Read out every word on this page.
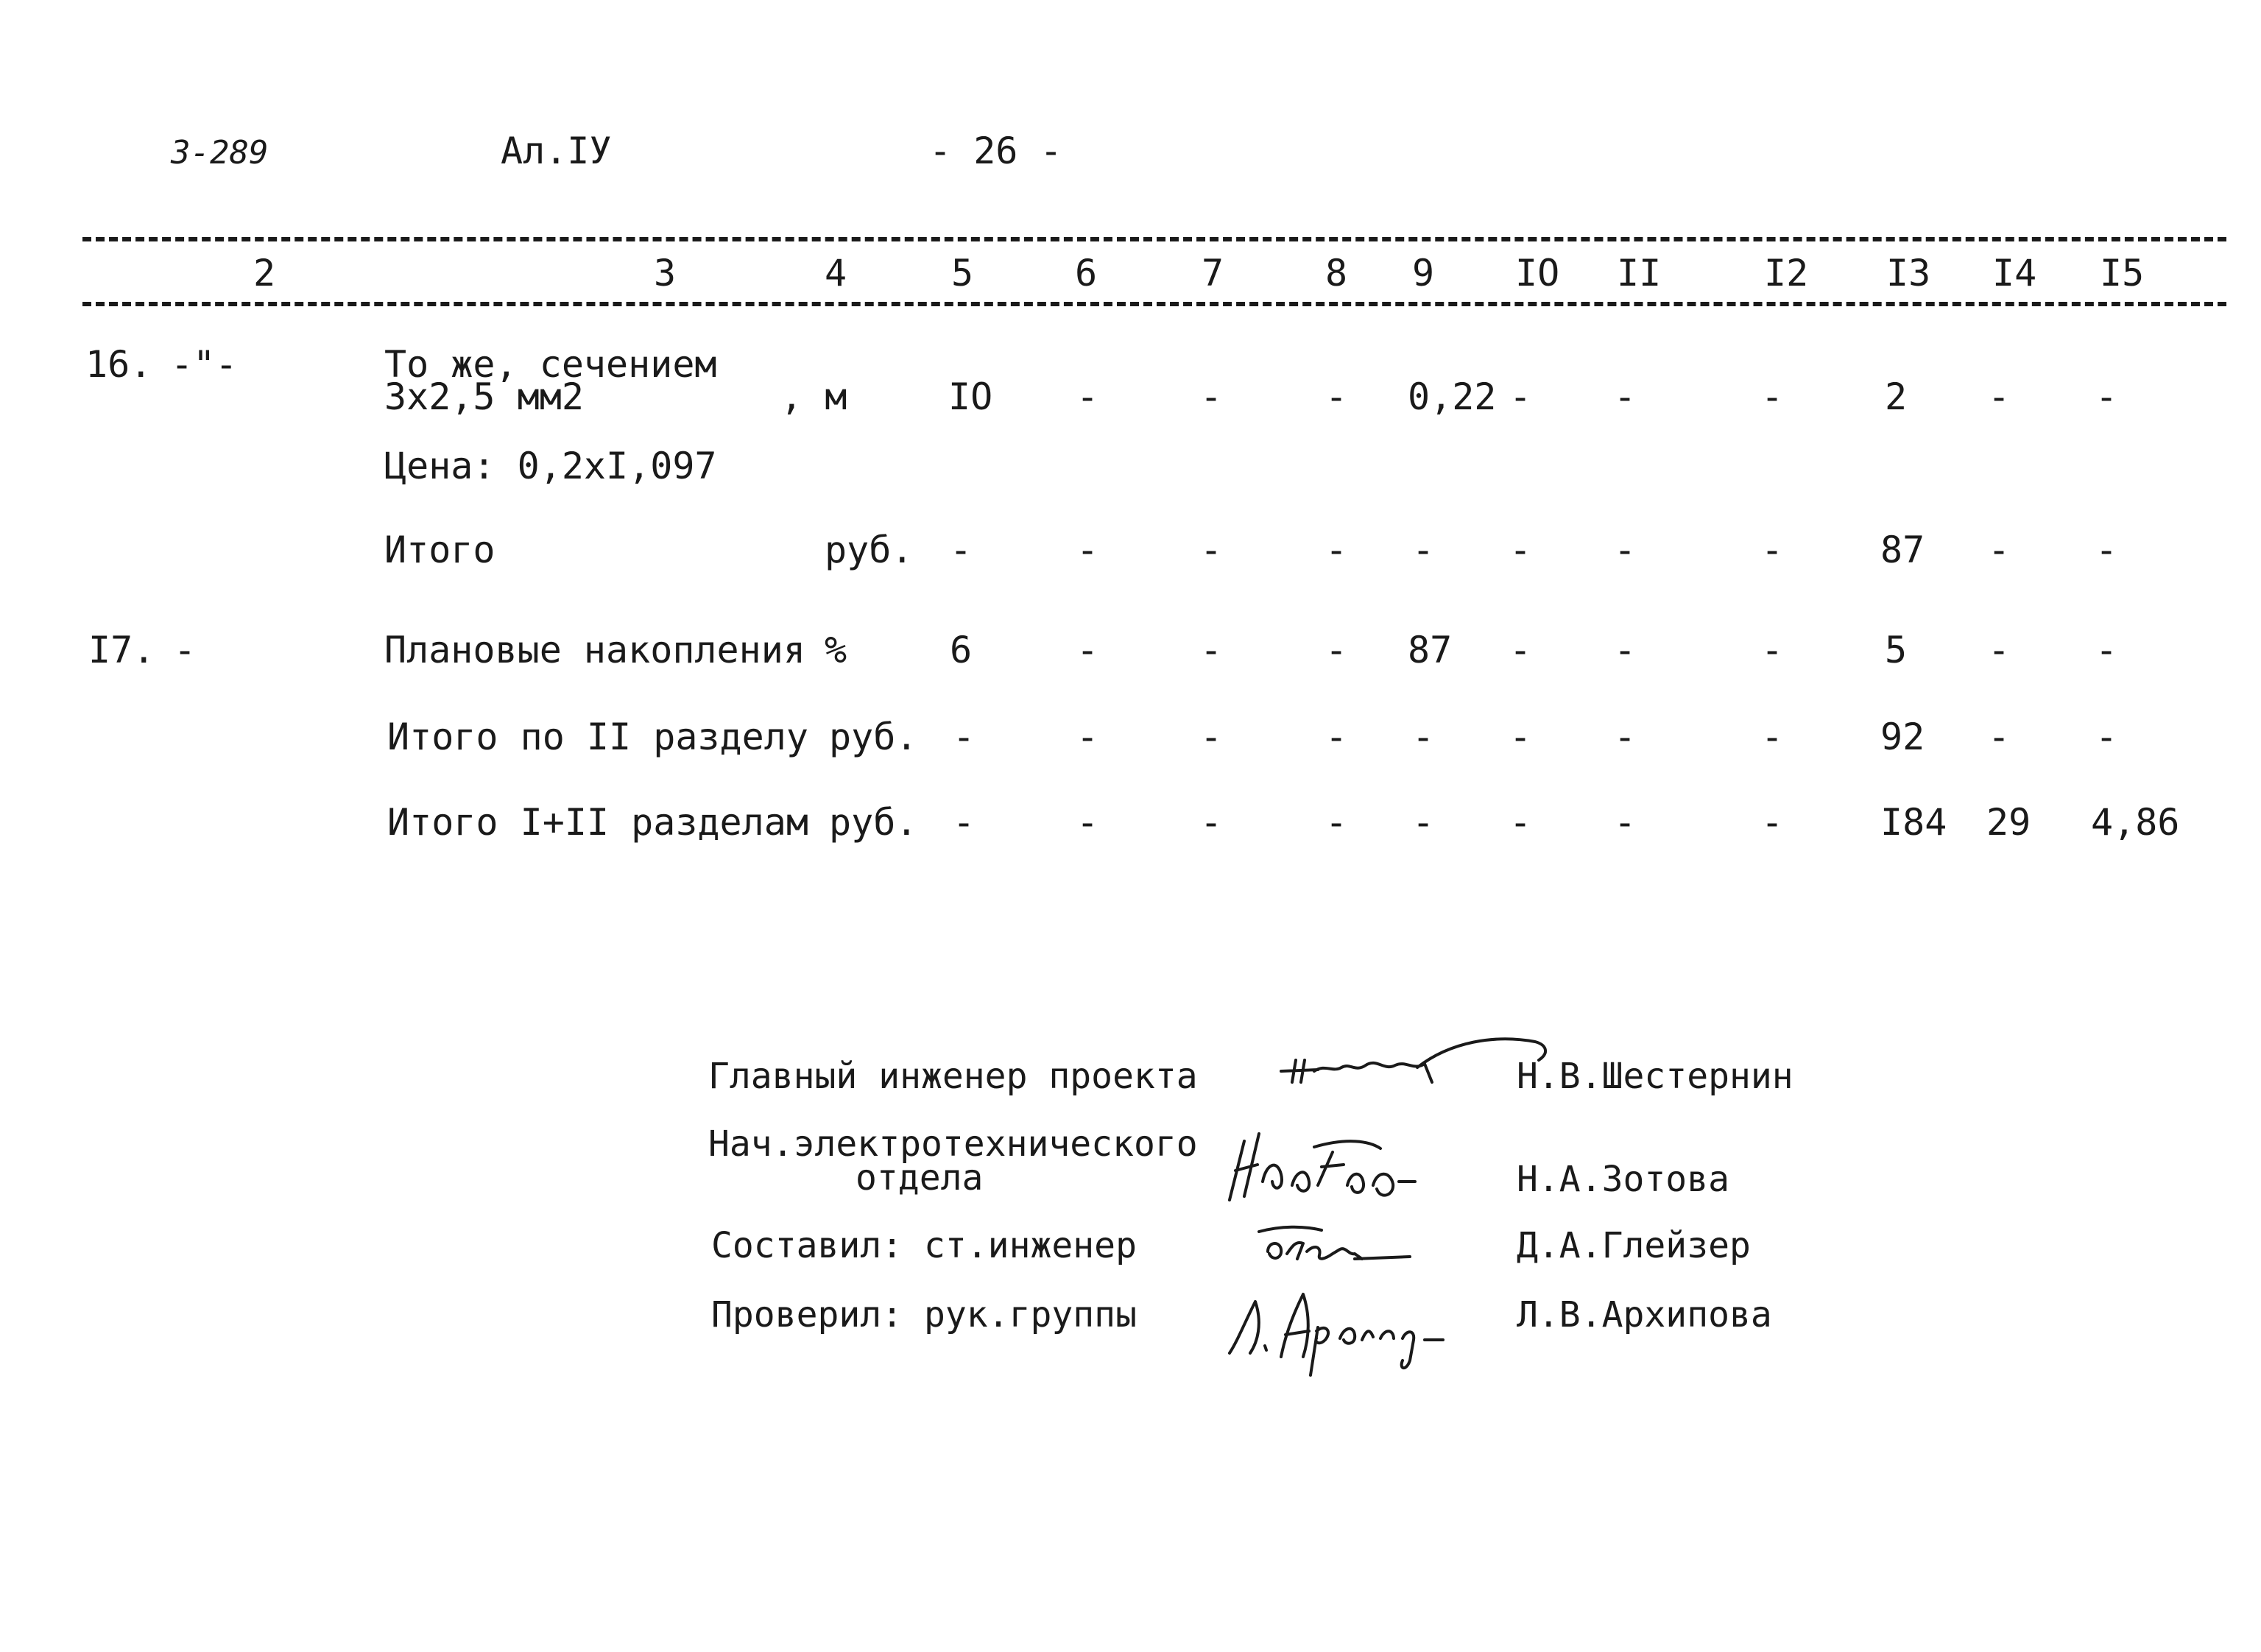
3-289	Ал.IУ	- 26 -
2	3	4	5	6	7	8 9 IO II	I2 I3 I4 I5
16. -"-	То же, сечением
3х2,5 мм2	, м	IO -	-	- 0,22 - -	-	2 - -
Цена: 0,2хI,097
Итого	руб. -	-	-	- - - -	-	87 - -
I7. -	Плановые накопления %	6	-	-	- 87 - -	-	5 - -
Итого по II разделу руб. -	-	-	- - - -	-	92 - -
Итого I+II разделам руб. -	-	-	- - - -	-	I84 29 4,86
Главный инженер проекта	Н.В.Шестернин
Нач.электротехнического
отдела	Н.А.Зотова
Составил: ст.инженер	Д.А.Глейзер
Проверил: рук.группы	Л.В.Архипова
